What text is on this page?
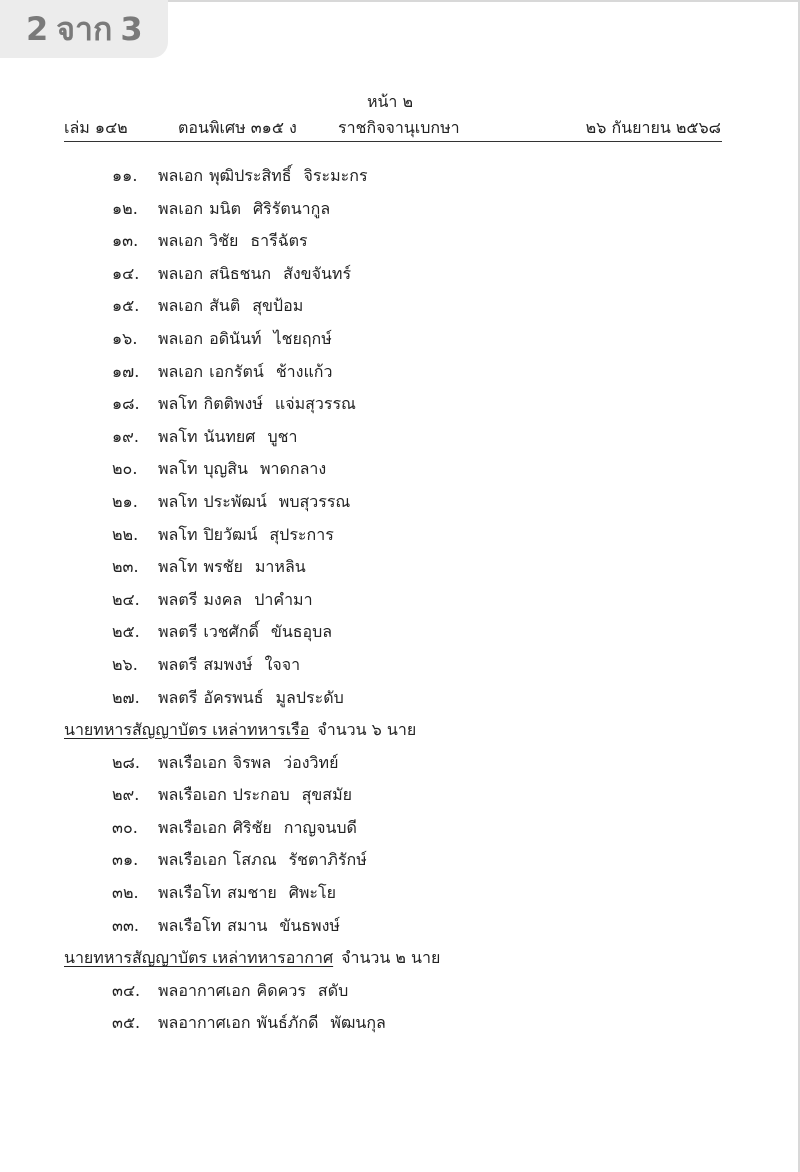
2 จาก 3
หน้า ๒
เล่ม ๑๔๒	ตอนพิเศษ ๓๑๕ ง	ราชกิจจานุเบกษา	๒๖ กันยายน ๒๕๖๘
๑๑.	พลเอก พุฒิประสิทธิ์ จิระมะกร
๑๒.	พลเอก มนิต ศิริรัตนากูล
๑๓.	พลเอก วิชัย ธารีฉัตร
๑๔.	พลเอก สนิธชนก สังขจันทร์
๑๕.	พลเอก สันติ สุขป้อม
๑๖.	พลเอก อดินันท์ ไชยฤกษ์
๑๗.	พลเอก เอกรัตน์ ช้างแก้ว
๑๘.	พลโท กิตติพงษ์ แจ่มสุวรรณ
๑๙.	พลโท นันทยศ บูชา
๒๐.	พลโท บุญสิน พาดกลาง
๒๑.	พลโท ประพัฒน์ พบสุวรรณ
๒๒.	พลโท ปิยวัฒน์ สุประการ
๒๓.	พลโท พรชัย มาหลิน
๒๔.	พลตรี มงคล ปาคำมา
๒๕.	พลตรี เวชศักดิ์ ขันธอุบล
๒๖.	พลตรี สมพงษ์ ใจจา
๒๗.	พลตรี อัครพนธ์ มูลประดับ
นายทหารสัญญาบัตร เหล่าทหารเรือ จำนวน ๖ นาย
๒๘.	พลเรือเอก จิรพล ว่องวิทย์
๒๙.	พลเรือเอก ประกอบ สุขสมัย
๓๐.	พลเรือเอก ศิริชัย กาญจนบดี
๓๑.	พลเรือเอก โสภณ รัชตาภิรักษ์
๓๒.	พลเรือโท สมชาย ศิพะโย
๓๓.	พลเรือโท สมาน ขันธพงษ์
นายทหารสัญญาบัตร เหล่าทหารอากาศ จำนวน ๒ นาย
๓๔.	พลอากาศเอก คิดควร สดับ
๓๕.	พลอากาศเอก พันธ์ภักดี พัฒนกุล
